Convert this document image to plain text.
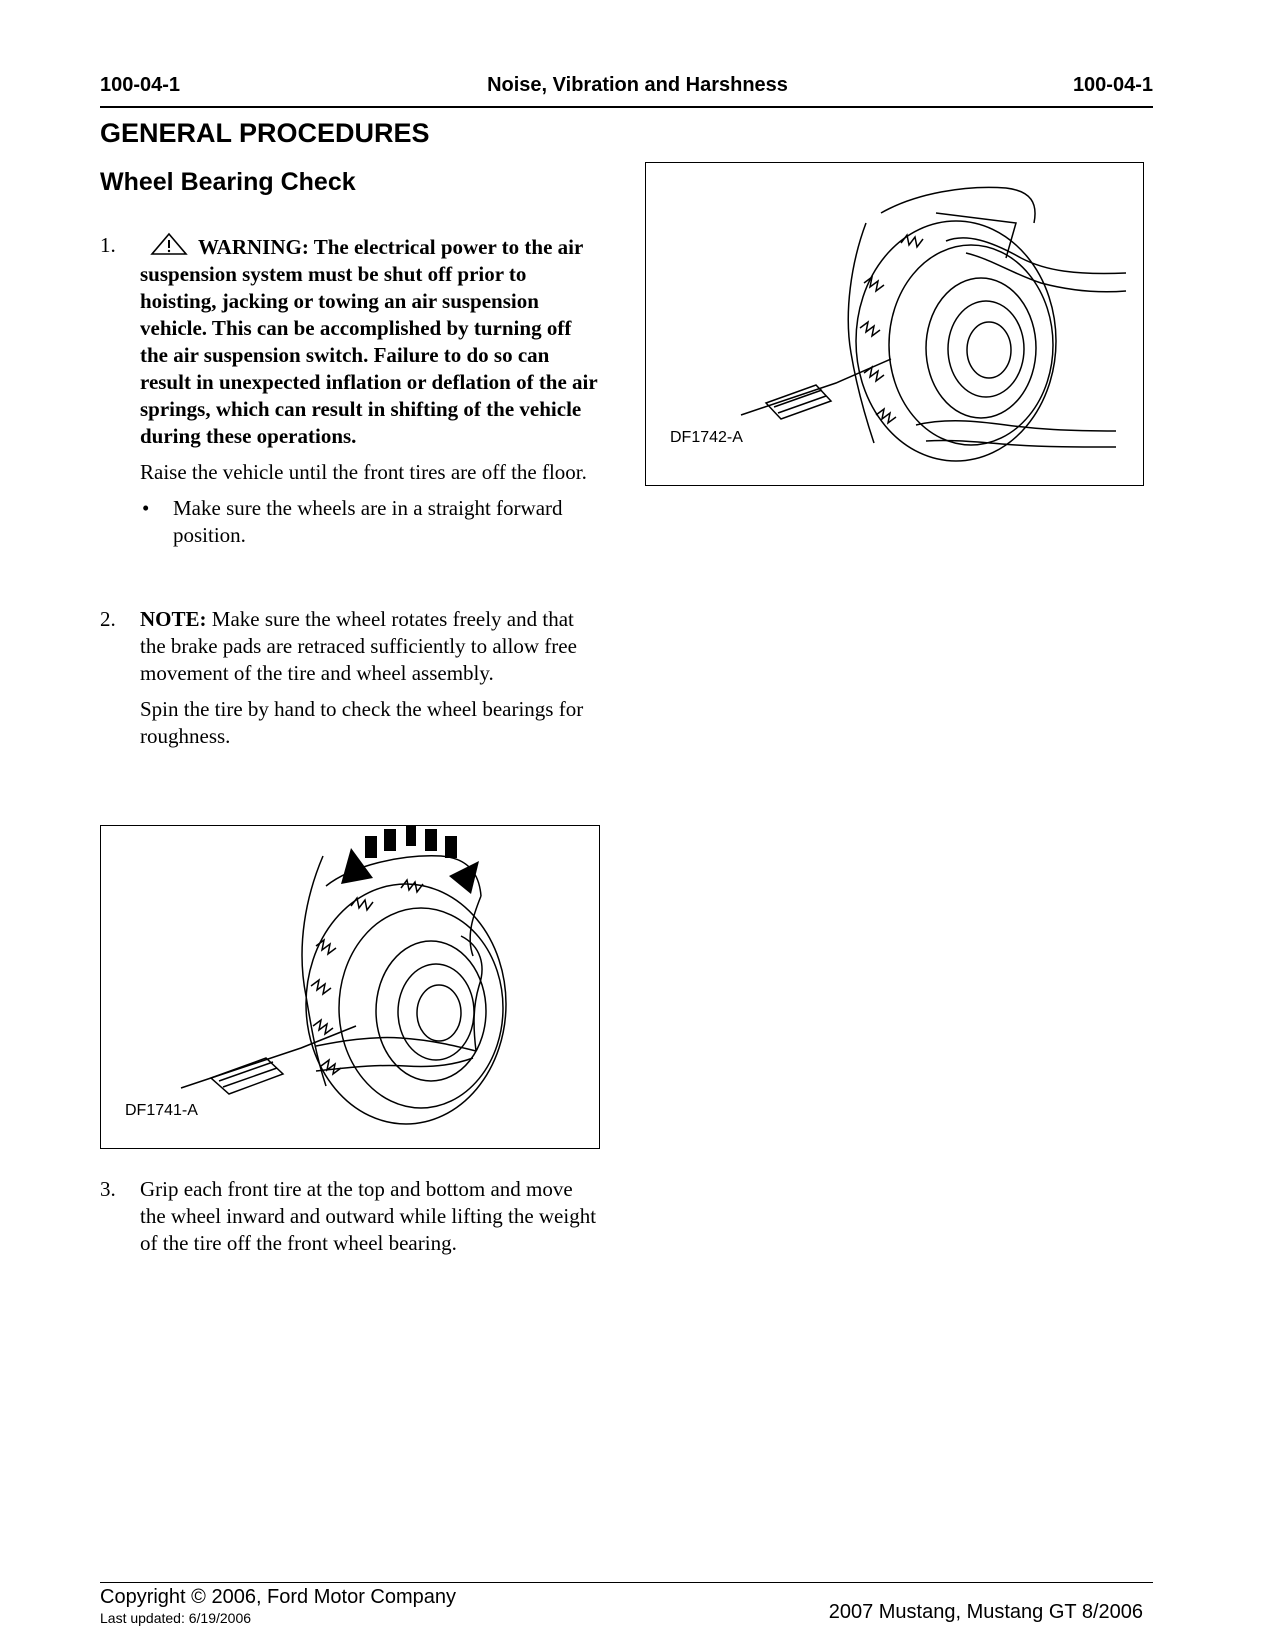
100-04-1	Noise, Vibration and Harshness	100-04-1
GENERAL PROCEDURES
Wheel Bearing Check
1.	WARNING: The electrical power to the air suspension system must be shut off prior to hoisting, jacking or towing an air suspension vehicle. This can be accomplished by turning off the air suspension switch. Failure to do so can result in unexpected inflation or deflation of the air springs, which can result in shifting of the vehicle during these operations.

Raise the vehicle until the front tires are off the floor.

• Make sure the wheels are in a straight forward position.
2. NOTE: Make sure the wheel rotates freely and that the brake pads are retraced sufficiently to allow free movement of the tire and wheel assembly.

Spin the tire by hand to check the wheel bearings for roughness.

DF1741-A
3. Grip each front tire at the top and bottom and move the wheel inward and outward while lifting the weight of the tire off the front wheel bearing.

DF1742-A
Copyright © 2006, Ford Motor Company
Last updated: 6/19/2006	2007 Mustang, Mustang GT 8/2006
